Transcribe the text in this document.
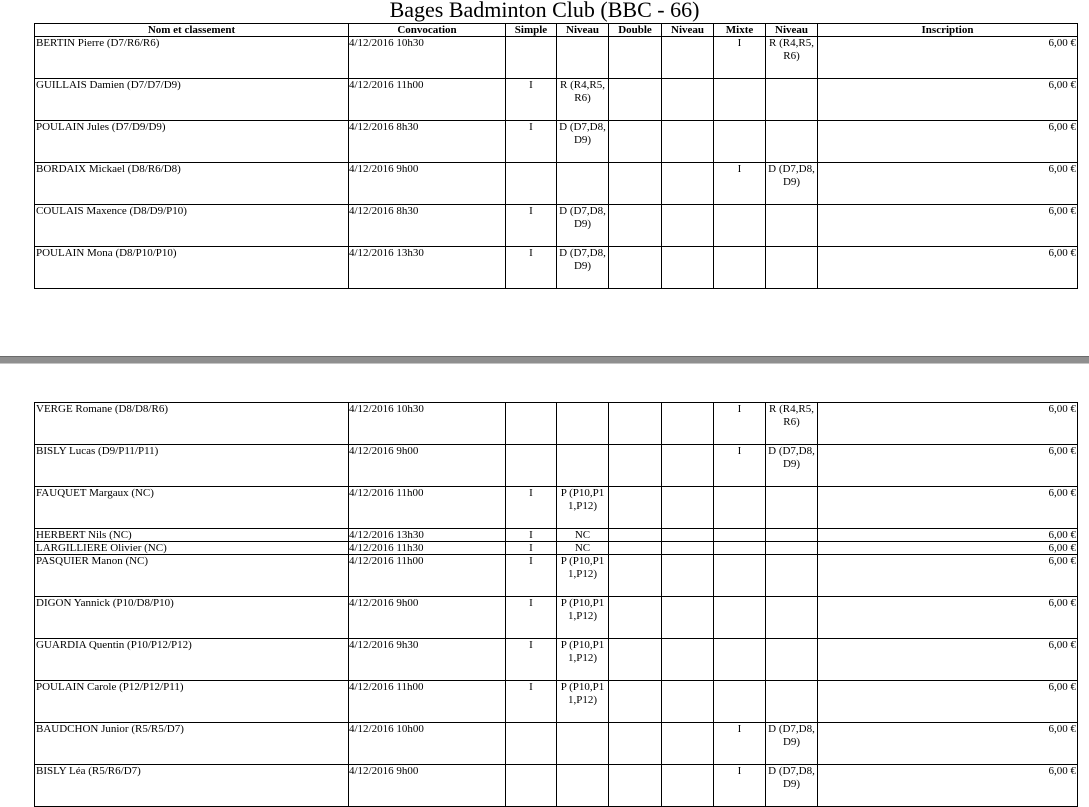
Bages Badminton Club (BBC - 66)
Nom et classement	Convocation	Simple	Niveau	Double	Niveau	Mixte	Niveau	Inscription
BERTIN Pierre (D7/R6/R6)	4/12/2016 10h30					I	R (R4,R5,R6)	6,00 €
GUILLAIS Damien (D7/D7/D9)	4/12/2016 11h00	I	R (R4,R5,R6)					6,00 €
POULAIN Jules (D7/D9/D9)	4/12/2016 8h30	I	D (D7,D8,D9)					6,00 €
BORDAIX Mickael (D8/R6/D8)	4/12/2016 9h00					I	D (D7,D8,D9)	6,00 €
COULAIS Maxence (D8/D9/P10)	4/12/2016 8h30	I	D (D7,D8,D9)					6,00 €
POULAIN Mona (D8/P10/P10)	4/12/2016 13h30	I	D (D7,D8,D9)					6,00 €
VERGE Romane (D8/D8/R6)	4/12/2016 10h30					I	R (R4,R5,R6)	6,00 €
BISLY Lucas (D9/P11/P11)	4/12/2016 9h00					I	D (D7,D8,D9)	6,00 €
FAUQUET Margaux (NC)	4/12/2016 11h00	I	P (P10,P11,P12)					6,00 €
HERBERT Nils (NC)	4/12/2016 13h30	I	NC					6,00 €
LARGILLIERE Olivier (NC)	4/12/2016 11h30	I	NC					6,00 €
PASQUIER Manon (NC)	4/12/2016 11h00	I	P (P10,P11,P12)					6,00 €
DIGON Yannick (P10/D8/P10)	4/12/2016 9h00	I	P (P10,P11,P12)					6,00 €
GUARDIA Quentin (P10/P12/P12)	4/12/2016 9h30	I	P (P10,P11,P12)					6,00 €
POULAIN Carole (P12/P12/P11)	4/12/2016 11h00	I	P (P10,P11,P12)					6,00 €
BAUDCHON Junior (R5/R5/D7)	4/12/2016 10h00					I	D (D7,D8,D9)	6,00 €
BISLY Léa (R5/R6/D7)	4/12/2016 9h00					I	D (D7,D8,D9)	6,00 €
